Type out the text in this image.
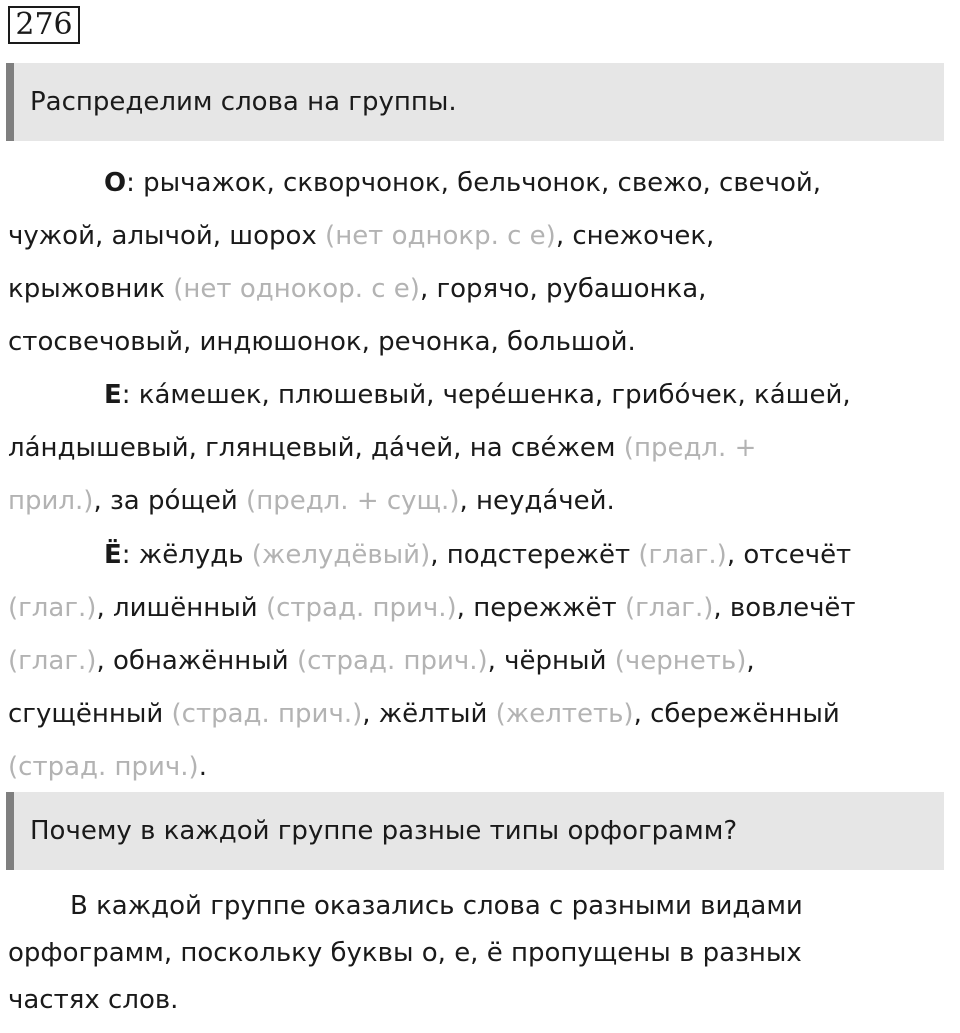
276
Распределим слова на группы.
О: рычажок, скворчонок, бельчонок, свежо, свечой,
чужой, алычой, шорох (нет однокр. с е), снежочек,
крыжовник (нет однокор. с е), горячо, рубашонка,
стосвечовый, индюшонок, речонка, большой.
Е: ка́мешек, плюшевый, чере́шенка, грибо́чек, ка́шей,
ла́ндышевый, глянцевый, да́чей, на све́жем (предл. +
прил.), за ро́щей (предл. + сущ.), неуда́чей.
Ё: жёлудь (желудёвый), подстережёт (глаг.), отсечёт
(глаг.), лишённый (страд. прич.), пережжёт (глаг.), вовлечёт
(глаг.), обнажённый (страд. прич.), чёрный (чернеть),
сгущённый (страд. прич.), жёлтый (желтеть), сбережённый
(страд. прич.).
Почему в каждой группе разные типы орфограмм?
В каждой группе оказались слова с разными видами
орфограмм, поскольку буквы о, е, ё пропущены в разных
частях слов.
